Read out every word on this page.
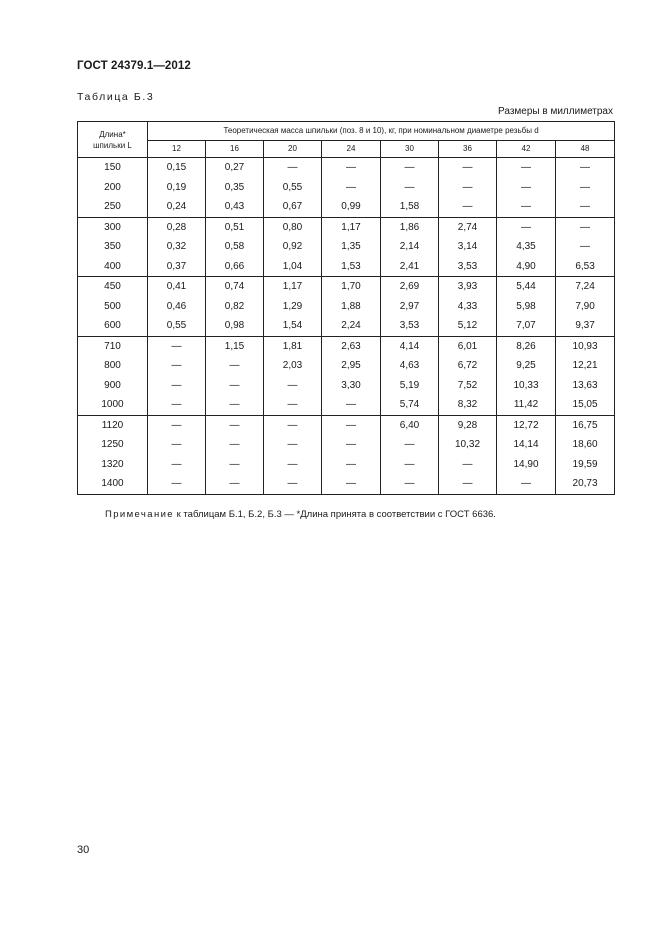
ГОСТ 24379.1—2012
Таблица Б.3
Размеры в миллиметрах
Длина*
шпильки L	Теоретическая масса шпильки (поз. 8 и 10), кг, при номинальном диаметре резьбы d							
	12	16	20	24	30	36	42	48
150	0,15	0,27	—	—	—	—	—	—
200	0,19	0,35	0,55	—	—	—	—	—
250	0,24	0,43	0,67	0,99	1,58	—	—	—
300	0,28	0,51	0,80	1,17	1,86	2,74	—	—
350	0,32	0,58	0,92	1,35	2,14	3,14	4,35	—
400	0,37	0,66	1,04	1,53	2,41	3,53	4,90	6,53
450	0,41	0,74	1,17	1,70	2,69	3,93	5,44	7,24
500	0,46	0,82	1,29	1,88	2,97	4,33	5,98	7,90
600	0,55	0,98	1,54	2,24	3,53	5,12	7,07	9,37
710	—	1,15	1,81	2,63	4,14	6,01	8,26	10,93
800	—	—	2,03	2,95	4,63	6,72	9,25	12,21
900	—	—	—	3,30	5,19	7,52	10,33	13,63
1000	—	—	—	—	5,74	8,32	11,42	15,05
1120	—	—	—	—	6,40	9,28	12,72	16,75
1250	—	—	—	—	—	10,32	14,14	18,60
1320	—	—	—	—	—	—	14,90	19,59
1400	—	—	—	—	—	—	—	20,73
Примечание к таблицам Б.1, Б.2, Б.3 — *Длина принята в соответствии с ГОСТ 6636.
30
